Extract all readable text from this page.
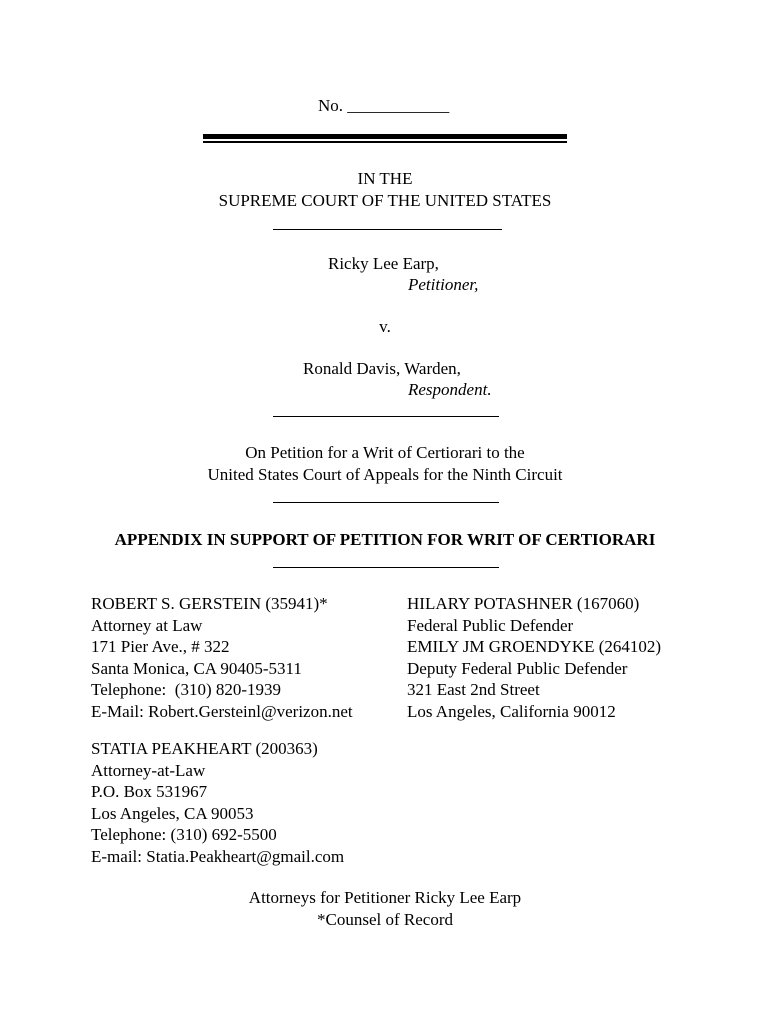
No. ____________
IN THE
SUPREME COURT OF THE UNITED STATES
Ricky Lee Earp,
Petitioner,
v.
Ronald Davis, Warden,
Respondent.
On Petition for a Writ of Certiorari to the
United States Court of Appeals for the Ninth Circuit
APPENDIX IN SUPPORT OF PETITION FOR WRIT OF CERTIORARI
ROBERT S. GERSTEIN (35941)*
Attorney at Law
171 Pier Ave., # 322
Santa Monica, CA 90405-5311
Telephone:  (310) 820-1939
E-Mail: Robert.Gersteinl@verizon.net
HILARY POTASHNER (167060)
Federal Public Defender
EMILY JM GROENDYKE (264102)
Deputy Federal Public Defender
321 East 2nd Street
Los Angeles, California 90012
STATIA PEAKHEART (200363)
Attorney-at-Law
P.O. Box 531967
Los Angeles, CA 90053
Telephone: (310) 692-5500
E-mail: Statia.Peakheart@gmail.com
Attorneys for Petitioner Ricky Lee Earp
*Counsel of Record
